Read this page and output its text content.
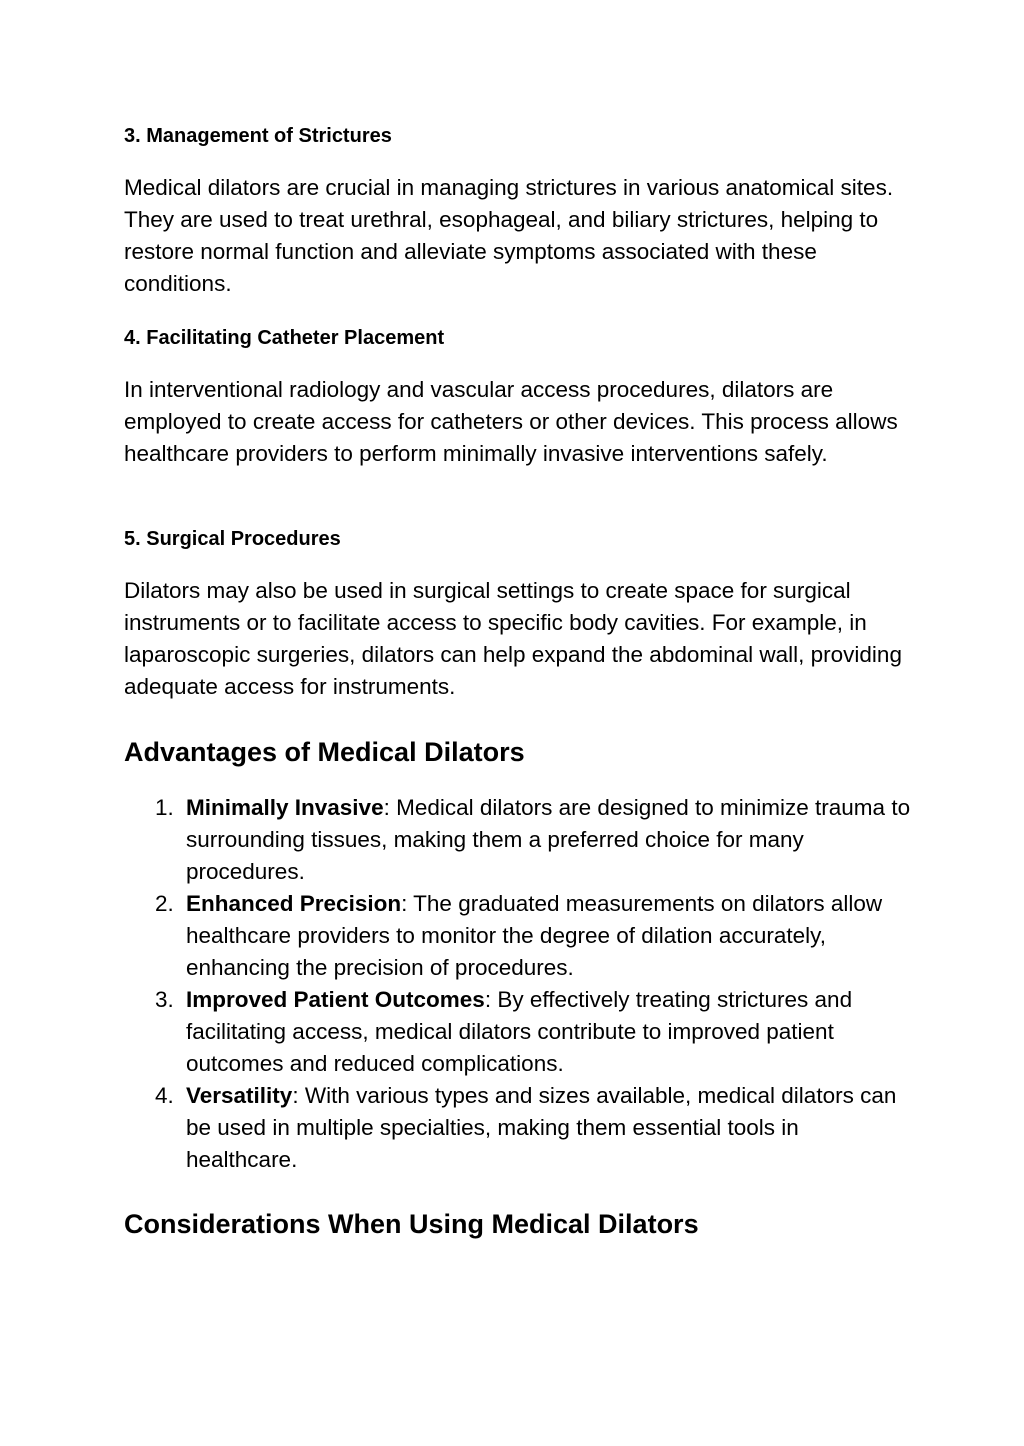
3. Management of Strictures

Medical dilators are crucial in managing strictures in various anatomical sites. They are used to treat urethral, esophageal, and biliary strictures, helping to restore normal function and alleviate symptoms associated with these conditions.

4. Facilitating Catheter Placement

In interventional radiology and vascular access procedures, dilators are employed to create access for catheters or other devices. This process allows healthcare providers to perform minimally invasive interventions safely.

5. Surgical Procedures

Dilators may also be used in surgical settings to create space for surgical instruments or to facilitate access to specific body cavities. For example, in laparoscopic surgeries, dilators can help expand the abdominal wall, providing adequate access for instruments.

Advantages of Medical Dilators
1. Minimally Invasive: Medical dilators are designed to minimize trauma to surrounding tissues, making them a preferred choice for many procedures.
2. Enhanced Precision: The graduated measurements on dilators allow healthcare providers to monitor the degree of dilation accurately, enhancing the precision of procedures.
3. Improved Patient Outcomes: By effectively treating strictures and facilitating access, medical dilators contribute to improved patient outcomes and reduced complications.
4. Versatility: With various types and sizes available, medical dilators can be used in multiple specialties, making them essential tools in healthcare.
Considerations When Using Medical Dilators
